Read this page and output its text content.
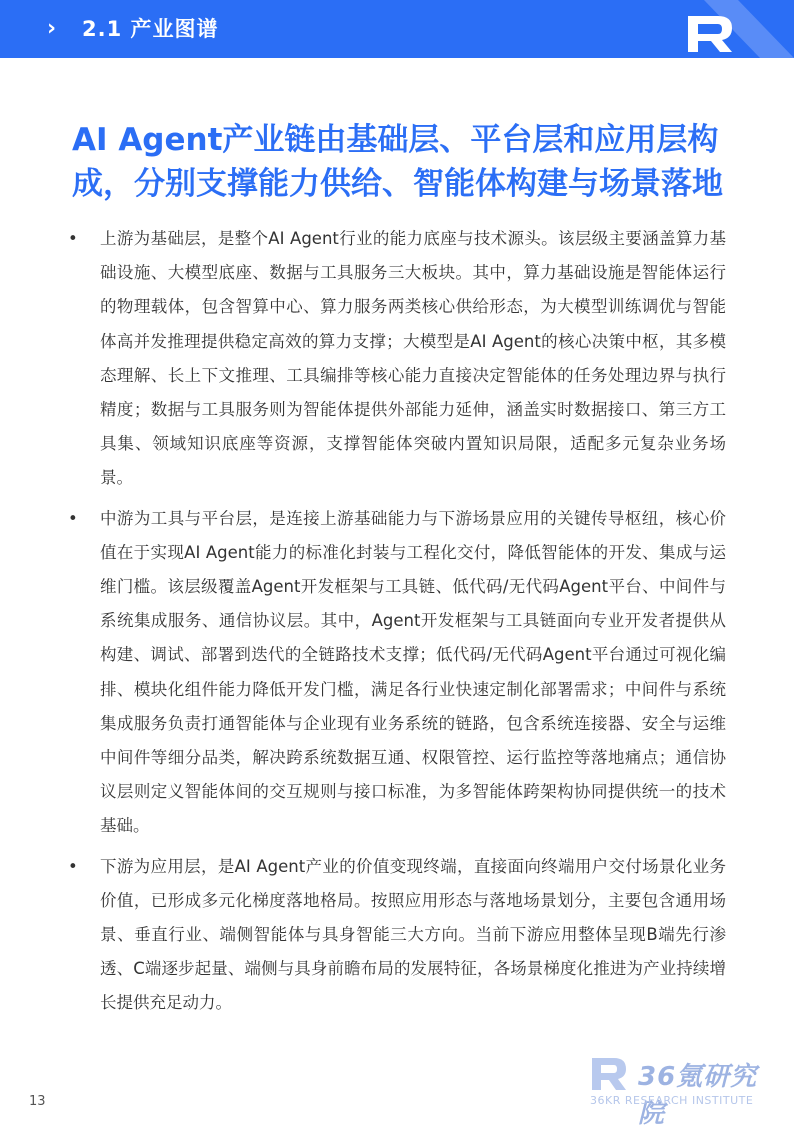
›	2.1 产业图谱
AI Agent产业链由基础层、平台层和应用层构成，分别支撑能力供给、智能体构建与场景落地
• 上游为基础层，是整个AI Agent行业的能力底座与技术源头。该层级主要涵盖算力基础设施、大模型底座、数据与工具服务三大板块。其中，算力基础设施是智能体运行的物理载体，包含智算中心、算力服务两类核心供给形态，为大模型训练调优与智能体高并发推理提供稳定高效的算力支撑；大模型是AI Agent的核心决策中枢，其多模态理解、长上下文推理、工具编排等核心能力直接决定智能体的任务处理边界与执行精度；数据与工具服务则为智能体提供外部能力延伸，涵盖实时数据接口、第三方工具集、领域知识底座等资源，支撑智能体突破内置知识局限，适配多元复杂业务场景。
• 中游为工具与平台层，是连接上游基础能力与下游场景应用的关键传导枢纽，核心价值在于实现AI Agent能力的标准化封装与工程化交付，降低智能体的开发、集成与运维门槛。该层级覆盖Agent开发框架与工具链、低代码/无代码Agent平台、中间件与系统集成服务、通信协议层。其中，Agent开发框架与工具链面向专业开发者提供从构建、调试、部署到迭代的全链路技术支撑；低代码/无代码Agent平台通过可视化编排、模块化组件能力降低开发门槛，满足各行业快速定制化部署需求；中间件与系统集成服务负责打通智能体与企业现有业务系统的链路，包含系统连接器、安全与运维中间件等细分品类，解决跨系统数据互通、权限管控、运行监控等落地痛点；通信协议层则定义智能体间的交互规则与接口标准，为多智能体跨架构协同提供统一的技术基础。
• 下游为应用层，是AI Agent产业的价值变现终端，直接面向终端用户交付场景化业务价值，已形成多元化梯度落地格局。按照应用形态与落地场景划分，主要包含通用场景、垂直行业、端侧智能体与具身智能三大方向。当前下游应用整体呈现B端先行渗透、C端逐步起量、端侧与具身前瞻布局的发展特征，各场景梯度化推进为产业持续增长提供充足动力。
13
36氪研究院
36KR RESEARCH INSTITUTE
